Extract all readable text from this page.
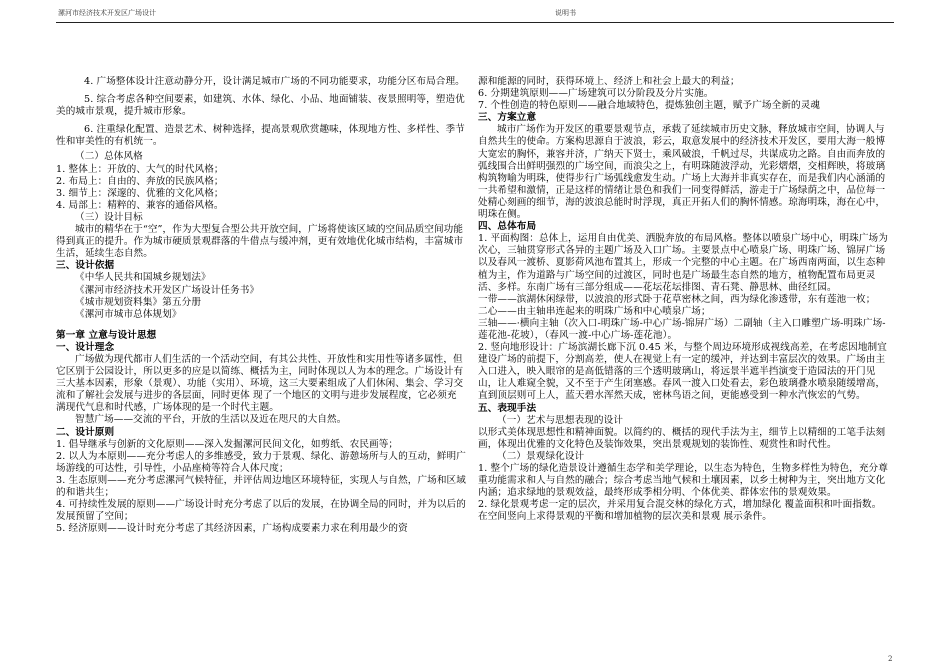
漯河市经济技术开发区广场设计	说明书

4. 广场整体设计注意动静分开，设计满足城市广场的不同功能要求，功能分区布局合理。

5. 综合考虑各种空间要素，如建筑、水体、绿化、小品、地面铺装、夜景照明等，塑造优美的城市景观，提升城市形象。

6. 注重绿化配置、造景艺术、树种选择，提高景观欣赏趣味，体现地方性、多样性、季节性和审美性的有机统一。

（二）总体风格

1. 整体上：开放的、大气的时代风格；

2. 布局上：自由的、奔放的民族风格；

3. 细节上：深邃的、优雅的文化风格；

4. 局部上：精粹的、兼容的通俗风格。

（三）设计目标

城市的精华在于“空”，作为大型复合型公共开放空间，广场将使该区域的空间品质空间功能得到真正的提升。作为城市硬质景观群落的牛借点与缓冲剂，更有效地优化城市结构，丰富城市生活，延续生态自然。

三、设计依据

《中华人民共和国城乡规划法》

《漯河市经济技术开发区广场设计任务书》

《城市规划资料集》第五分册

《漯河市城市总体规划》

第一章 立意与设计思想

一、设计理念

广场做为现代都市人们生活的一个活动空间，有其公共性、开放性和实用性等诸多属性，但它区别于公园设计，所以更多的应是以简练、概括为主，同时体现以人为本的理念。广场设计有三大基本因素，形象（景观）、功能（实用）、环境，这三大要素组成了人们休闲、集会、学习交流和了解社会发展与进步的各层面，同时更体 现了一个地区的文明与进步发展程度，它必须充满现代气息和时代感，广场体现的是一个时代主题。

智慧广场——交流的平台，开放的生活以及近在咫尺的大自然。

二、设计原则

1. 倡导继承与创新的文化原则——深入发掘漯河民间文化，如剪纸、农民画等；

2. 以人为本原则——充分考虑人的多维感受，致力于景观、绿化、游憩场所与人的互动，鲜明广场游线的可达性，引导性，小品座椅等符合人体尺度；

3. 生态原则——充分考虑漯河气候特征，并评估周边地区环境特征，实现人与自然，广场和区域的和谐共生；

4. 可持续性发展的原则——广场设计时充分考虑了以后的发展，在协调全局的同时，并为以后的发展预留了空间；

5. 经济原则——设计时充分考虑了其经济因素，广场构成要素力求在利用最少的资

源和能源的同时，获得环境上、经济上和社会上最大的利益；

6. 分期建筑原则——广场建筑可以分阶段及分片实施。

7. 个性创造的特色原则——融合地域特色，提炼独创主题，赋予广场全新的灵魂

三、方案立意

城市广场作为开发区的重要景观节点，承载了延续城市历史文脉，释放城市空间，协调人与自然共生的使命。方案构思源自于波浪，彩云，取意发展中的经济技术开发区，要用大海一般博大宽宏的胸怀，兼容并济，广纳天下贤士，乘风破浪，千帆过尽，共谋成功之路。自由而奔放的弧线围合出鲜明强烈的广场空间，而浪尖之上，有明珠随波浮动，光彩熠熠，交相辉映，将玻璃构筑物喻为明珠，使得步行广场弧线愈发生动。广场上大海并非真实存在，而是我们内心涵涌的一共希望和激情，正是这样的情绪让景色和我们一同变得鲜活，游走于广场绿荫之中，品位每一处精心刻画的细节，海的波浪总能时时浮现，真正开拓人们的胸怀情感。琼海明珠，海在心中，明珠在侧。

四、总体布局

1. 平面构图：总体上，运用自由优美、洒脱奔放的布局风格。整体以喷泉广场中心，明珠广场为次心，三轴贯穿形式各异的主题广场及入口广场。主要景点中心喷泉广场、明珠广场、锦屏广场以及春风一渡桥、夏影荷风池布置其上，形成一个完整的中心主题。在广场西南两面，以生态种植为主，作为道路与广场空间的过渡区，同时也是广场最生态自然的地方，植物配置布局更灵活、多样。东南广场有三部分组成——花坛花坛排图、青石凳、静思林、曲径红园。

一带——滨湖休闲绿带，以波浪的形式卧于花草密林之间，西为绿化渗透带，东有莲池一枚；

二心——由主轴串连起来的明珠广场和中心喷泉广场；

三轴——·横向主轴（次入口-明珠广场-中心广场-锦屏广场）二副轴（主入口雕塑广场-明珠广场-莲花池-花坡），（春风一渡-中心广场-莲花池）。

2. 竖向地形设计：广场滨湖长廊下沉 0.45 米，与整个周边环境形成视线高差，在考虑因地制宜建设广场的前提下，分割高差，使人在视觉上有一定的缓冲，并达到丰富层次的效果。广场由主入口进入，映入眼帘的是高低错落的三个透明玻璃山，将远景半遮半挡演变于造园法的开门见山，让人难窥全貌，又不至于产生闭塞感。春风一渡入口处看去，彩色玻璃叠水喷泉随缓增高，直到顶层则可上人，蓝天碧水浑然天成，密林鸟语之间，更能感受到一种水汽恢宏的气势。

五、表现手法

（一）艺术与思想表现的设计

以形式美体现思想性和精神面貌。以简约的、概括的现代手法为主，细节上以精细的工笔手法刻画，体现出优雅的文化特色及装饰效果，突出景观规划的装饰性、观赏性和时代性。

（二）景观绿化设计

1. 整个广场的绿化造景设计遵循生态学和美学理论，以生态为特色，生物多样性为特色，充分尊重功能需求和人与自然的融合；综合考虑当地气候和土壤因素，以乡土树种为主，突出地方文化内涵；追求绿地的景观效益，最终形成季相分明、个体优美、群体宏伟的景观效果。

2. 绿化景观考虑一定的层次，并采用复合混交林的绿化方式，增加绿化 覆盖面积和叶面指数。 在空间竖向上求得景观的平衡和增加植物的层次美和景观 展示条件。

2
